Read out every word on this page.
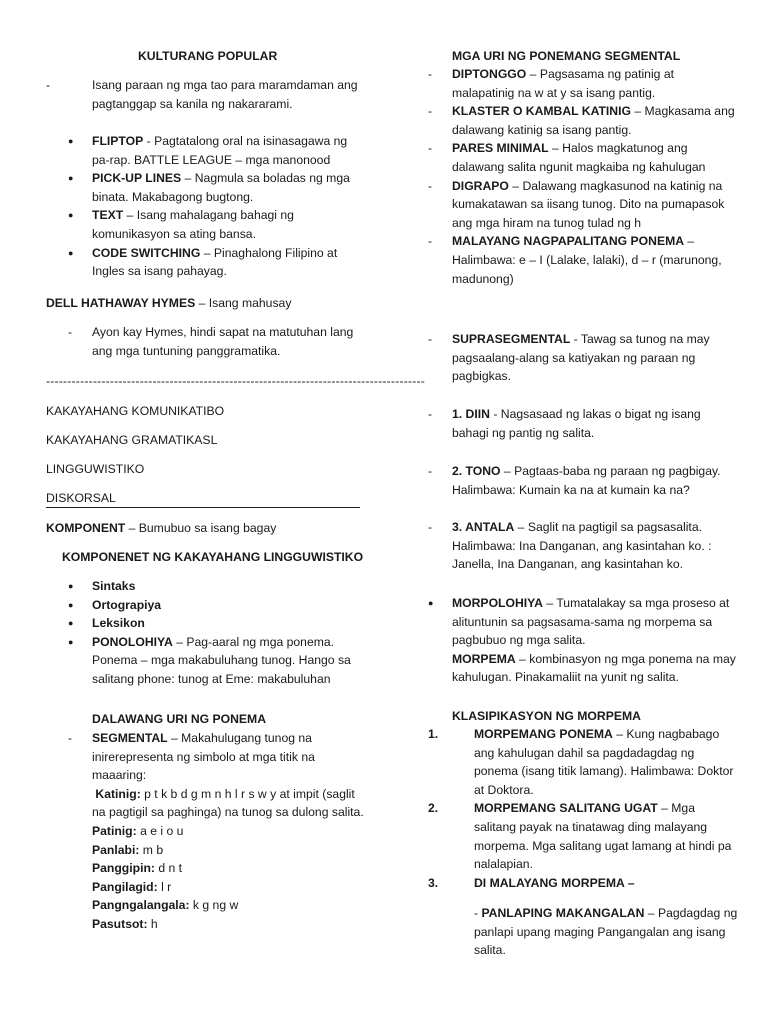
KULTURANG POPULAR
-	Isang paraan ng mga tao para maramdaman ang pagtanggap sa kanila ng nakararami.
●	FLIPTOP - Pagtatalong oral na isinasagawa ng pa-rap. BATTLE LEAGUE – mga manonood
●	PICK-UP LINES – Nagmula sa boladas ng mga binata. Makabagong bugtong.
●	TEXT – Isang mahalagang bahagi ng komunikasyon sa ating bansa.
●	CODE SWITCHING – Pinaghalong Filipino at Ingles sa isang pahayag.
DELL HATHAWAY HYMES – Isang mahusay
-	Ayon kay Hymes, hindi sapat na matutuhan lang ang mga tuntuning panggramatika.
-----------------------------------------------------------------------------------------
KAKAYAHANG KOMUNIKATIBO
KAKAYAHANG GRAMATIKASL
LINGGUWISTIKO
DISKORSAL
KOMPONENT – Bumubuo sa isang bagay
KOMPONENET NG KAKAYAHANG LINGGUWISTIKO
●	Sintaks
●	Ortograpiya
●	Leksikon
●	PONOLOHIYA – Pag-aaral ng mga ponema. Ponema – mga makabuluhang tunog. Hango sa salitang phone: tunog at Eme: makabuluhan
DALAWANG URI NG PONEMA
-	SEGMENTAL – Makahulugang tunog na inirerepresenta ng simbolo at mga titik na maaaring:
Katinig: p t k b d g m n h l r s w y at impit (saglit na pagtigil sa paghinga) na tunog sa dulong salita.
Patinig: a e i o u
Panlabi: m b
Panggipin: d n t
Pangilagid: l r
Pangngalangala: k g ng w
Pasutsot: h
MGA URI NG PONEMANG SEGMENTAL
-	DIPTONGGO – Pagsasama ng patinig at malapatinig na w at y sa isang pantig.
-	KLASTER O KAMBAL KATINIG – Magkasama ang dalawang katinig sa isang pantig.
-	PARES MINIMAL – Halos magkatunog ang dalawang salita ngunit magkaiba ng kahulugan
-	DIGRAPO – Dalawang magkasunod na katinig na kumakatawan sa iisang tunog. Dito na pumapasok ang mga hiram na tunog tulad ng h
-	MALAYANG NAGPAPALITANG PONEMA – Halimbawa: e – I (Lalake, lalaki), d – r (marunong, madunong)
-	SUPRASEGMENTAL - Tawag sa tunog na may pagsaalang-alang sa katiyakan ng paraan ng pagbigkas.
-	1. DIIN - Nagsasaad ng lakas o bigat ng isang bahagi ng pantig ng salita.
-	2. TONO – Pagtaas-baba ng paraan ng pagbigay. Halimbawa: Kumain ka na at kumain ka na?
-	3. ANTALA – Saglit na pagtigil sa pagsasalita. Halimbawa: Ina Danganan, ang kasintahan ko. : Janella, Ina Danganan, ang kasintahan ko.
●	MORPOLOHIYA – Tumatalakay sa mga proseso at alituntunin sa pagsasama-sama ng morpema sa pagbubuo ng mga salita.
MORPEMA – kombinasyon ng mga ponema na may kahulugan. Pinakamaliit na yunit ng salita.
KLASIPIKASYON NG MORPEMA
1.	MORPEMANG PONEMA – Kung nagbabago ang kahulugan dahil sa pagdadagdag ng ponema (isang titik lamang). Halimbawa: Doktor at Doktora.
2.	MORPEMANG SALITANG UGAT – Mga salitang payak na tinatawag ding malayang morpema. Mga salitang ugat lamang at hindi pa nalalapian.
3.	DI MALAYANG MORPEMA –
- PANLAPING MAKANGALAN – Pagdagdag ng panlapi upang maging Pangangalan ang isang salita.
